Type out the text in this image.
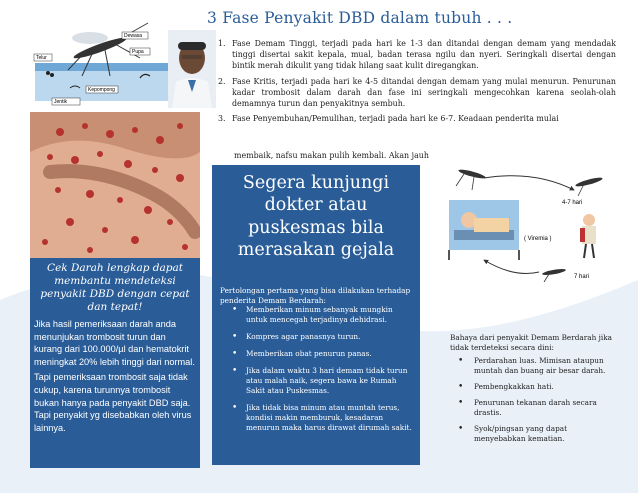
Dewasa
Telur
Pupa
Kepompong
Jentik
Cek Darah lengkap dapat membantu mendeteksi penyakit DBD dengan cepat dan tepat!

Jika hasil pemeriksaan darah anda menunjukan trombosit turun dan kurang dari 100.000/µl dan hematokrit meningkat 20% lebih tinggi dari normal.

Tapi pemeriksaan trombosit saja tidak cukup, karena turunnya trombosit bukan hanya pada penyakit DBD saja. Tapi penyakit yg disebabkan oleh virus lainnya.

3 Fase Penyakit DBD dalam tubuh . . .
1. Fase Demam Tinggi, terjadi pada hari ke 1-3 dan ditandai dengan demam yang mendadak tinggi disertai sakit kepala, mual, badan terasa ngilu dan nyeri. Seringkali disertai dengan bintik merah dikulit yang tidak hilang saat kulit diregangkan.
2. Fase Kritis, terjadi pada hari ke 4-5 ditandai dengan demam yang mulai menurun. Penurunan kadar trombosit dalam darah dan fase ini seringkali mengecohkan karena seolah-olah demamnya turun dan penyakitnya sembuh.
3. Fase Penyembuhan/Pemulihan, terjadi pada hari ke 6-7. Keadaan penderita mulai
membaik, nafsu makan pulih kembali. Akan jauh
Segera kunjungi dokter atau puskesmas bila merasakan gejala
Pertolongan pertama yang bisa dilakukan terhadap penderita Demam Berdarah:
• Memberikan minum sebanyak mungkin untuk mencegah terjadinya dehidrasi.
• Kompres agar panasnya turun.
• Memberikan obat penurun panas.
• Jika dalam waktu 3 hari demam tidak turun atau malah naik, segera bawa ke Rumah Sakit atau Puskesmas.
• Jika tidak bisa minum atau muntah terus, kondisi makin memburuk, kesadaran menurun maka harus dirawat dirumah sakit.
4-7 hari
( Viremia )
7 hari
Bahaya dari penyakit Demam Berdarah jika tidak terdeteksi secara dini:
• Perdarahan luas. Mimisan ataupun muntah dan buang air besar darah.
• Pembengkakkan hati.
• Penurunan tekanan darah secara drastis.
• Syok/pingsan yang dapat menyebabkan kematian.
